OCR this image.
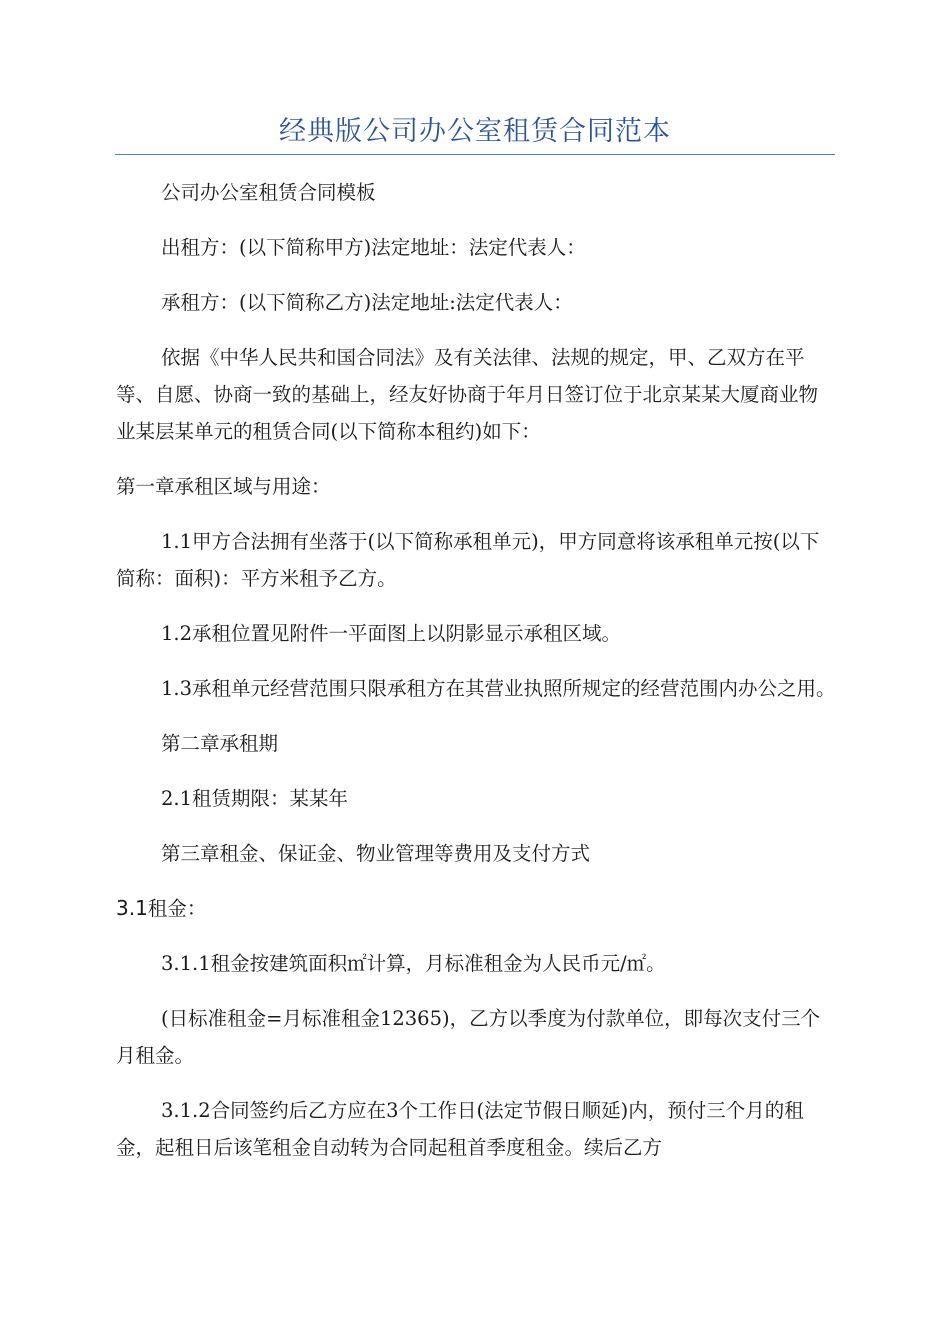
经典版公司办公室租赁合同范本

公司办公室租赁合同模板

出租方：(以下简称甲方)法定地址：法定代表人：

承租方：(以下简称乙方)法定地址:法定代表人：

依据《中华人民共和国合同法》及有关法律、法规的规定，甲、乙双方在平等、自愿、协商一致的基础上，经友好协商于年月日签订位于北京某某大厦商业物业某层某单元的租赁合同(以下简称本租约)如下：

第一章承租区域与用途：

1.1甲方合法拥有坐落于(以下简称承租单元)，甲方同意将该承租单元按(以下简称：面积)：平方米租予乙方。

1.2承租位置见附件一平面图上以阴影显示承租区域。

1.3承租单元经营范围只限承租方在其营业执照所规定的经营范围内办公之用。

第二章承租期

2.1租赁期限：某某年

第三章租金、保证金、物业管理等费用及支付方式

3.1租金：

3.1.1租金按建筑面积㎡计算，月标准租金为人民币元/㎡。

(日标准租金=月标准租金12365)，乙方以季度为付款单位，即每次支付三个月租金。

3.1.2合同签约后乙方应在3个工作日(法定节假日顺延)内，预付三个月的租金，起租日后该笔租金自动转为合同起租首季度租金。续后乙方
